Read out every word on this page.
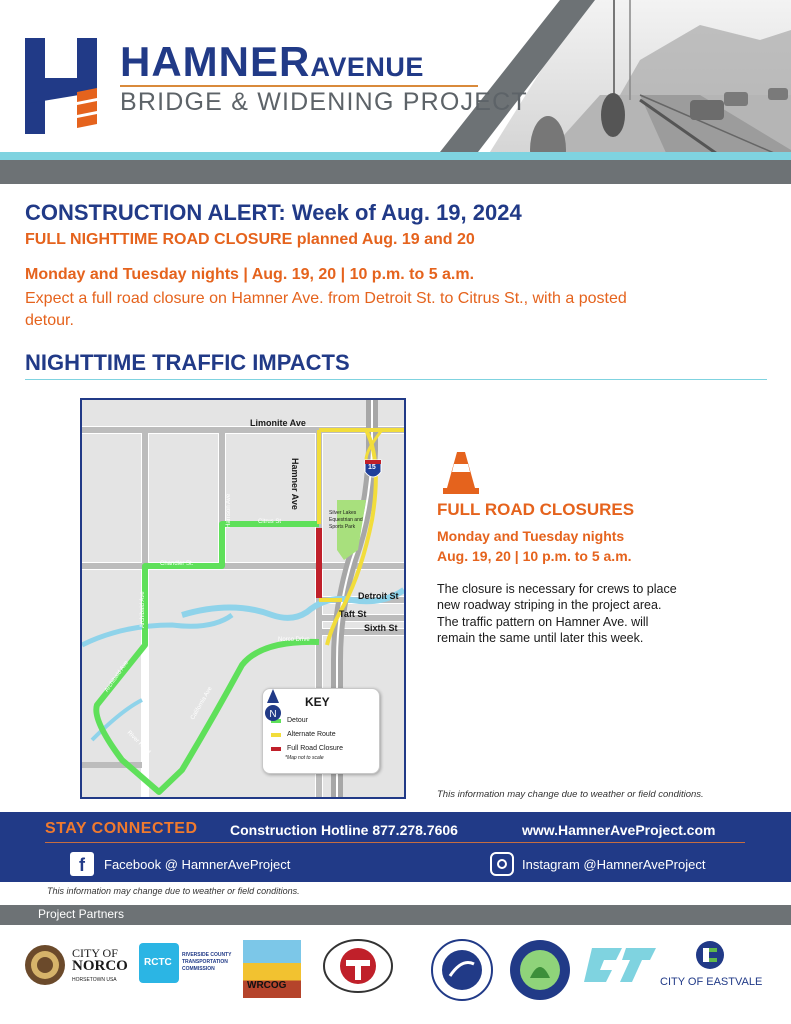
HAMNERAVENUE
BRIDGE & WIDENING PROJECT
CONSTRUCTION ALERT: Week of Aug. 19, 2024
FULL NIGHTTIME ROAD CLOSURE planned Aug. 19 and 20
Monday and Tuesday nights | Aug. 19, 20 | 10 p.m. to 5 a.m.
Expect a full road closure on Hamner Ave. from Detroit St. to Citrus St., with a posted detour.
NIGHTTIME TRAFFIC IMPACTS
Limonite Ave
Hamner Ave	15
Citrus St
Harrison Ave
Chandler St.
Archibald Ave
Archibald Ave
Silver Lakes Equestrian and Sports Park
Detroit St
Taft St
Sixth St
Norco Drive
California Ave
River Road
KEY
Detour
Alternate Route
Full Road Closure
*Map not to scale
N
FULL ROAD CLOSURES
Monday and Tuesday nights
Aug. 19, 20 | 10 p.m. to 5 a.m.
The closure is necessary for crews to place new roadway striping in the project area. The traffic pattern on Hamner Ave. will remain the same until later this week.
This information may change due to weather or field conditions.
STAY CONNECTED Construction Hotline 877.278.7606	www.HamnerAveProject.com
f	Facebook @ HamnerAveProject	Instagram @HamnerAveProject
This information may change due to weather or field conditions.
Project Partners
CITY OF
NORCO
HORSETOWN USA
RCTC
RIVERSIDE COUNTY TRANSPORTATION COMMISSION
WRCOG	CITY OF EASTVALE
